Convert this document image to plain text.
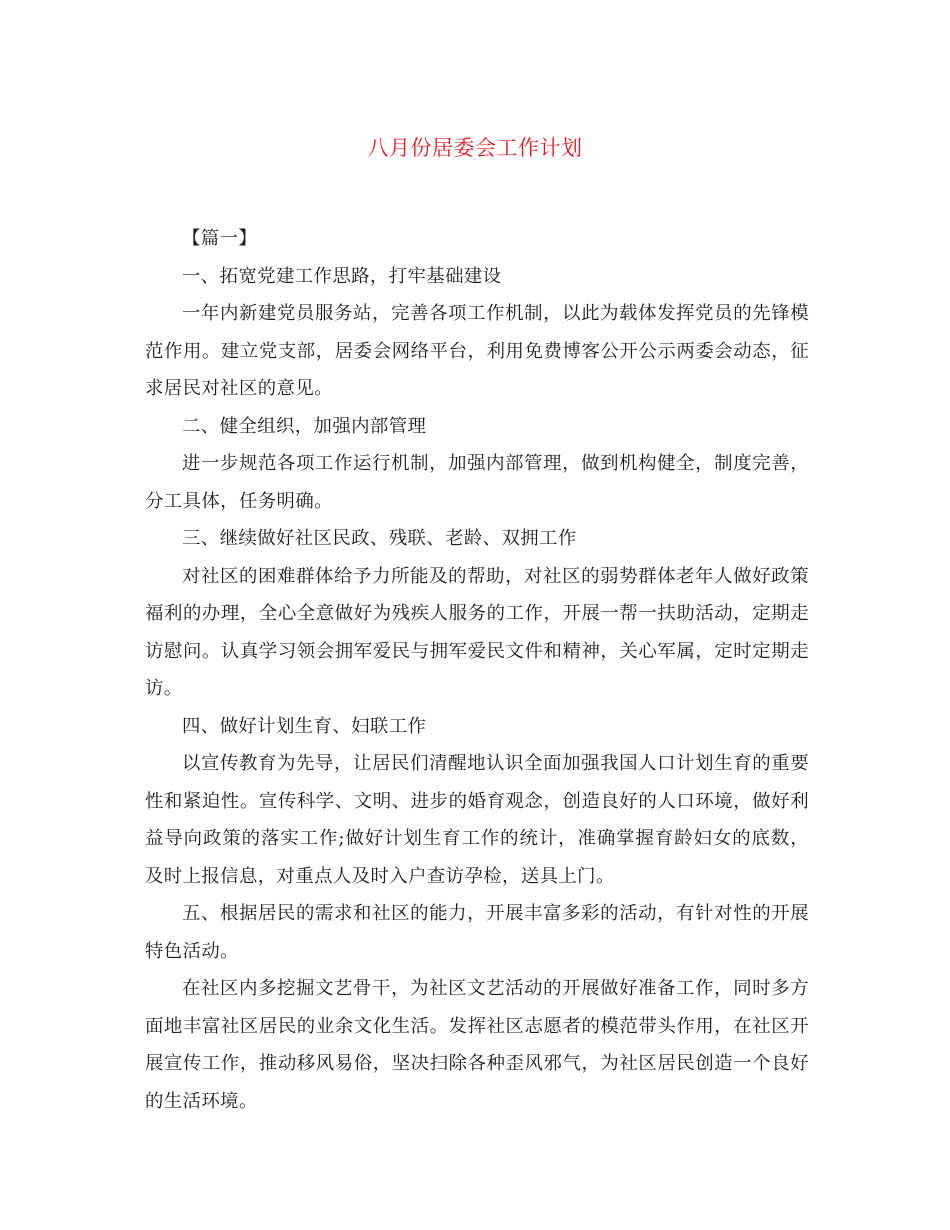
八月份居委会工作计划

【篇一】

一、拓宽党建工作思路，打牢基础建设

一年内新建党员服务站，完善各项工作机制，以此为载体发挥党员的先锋模范作用。建立党支部，居委会网络平台，利用免费博客公开公示两委会动态，征求居民对社区的意见。

二、健全组织，加强内部管理

进一步规范各项工作运行机制，加强内部管理，做到机构健全，制度完善，分工具体，任务明确。

三、继续做好社区民政、残联、老龄、双拥工作

对社区的困难群体给予力所能及的帮助，对社区的弱势群体老年人做好政策福利的办理，全心全意做好为残疾人服务的工作，开展一帮一扶助活动，定期走访慰问。认真学习领会拥军爱民与拥军爱民文件和精神，关心军属，定时定期走访。

四、做好计划生育、妇联工作

以宣传教育为先导，让居民们清醒地认识全面加强我国人口计划生育的重要性和紧迫性。宣传科学、文明、进步的婚育观念，创造良好的人口环境，做好利益导向政策的落实工作;做好计划生育工作的统计，准确掌握育龄妇女的底数，及时上报信息，对重点人及时入户查访孕检，送具上门。

五、根据居民的需求和社区的能力，开展丰富多彩的活动，有针对性的开展特色活动。

在社区内多挖掘文艺骨干，为社区文艺活动的开展做好准备工作，同时多方面地丰富社区居民的业余文化生活。发挥社区志愿者的模范带头作用，在社区开展宣传工作，推动移风易俗，坚决扫除各种歪风邪气，为社区居民创造一个良好的生活环境。
